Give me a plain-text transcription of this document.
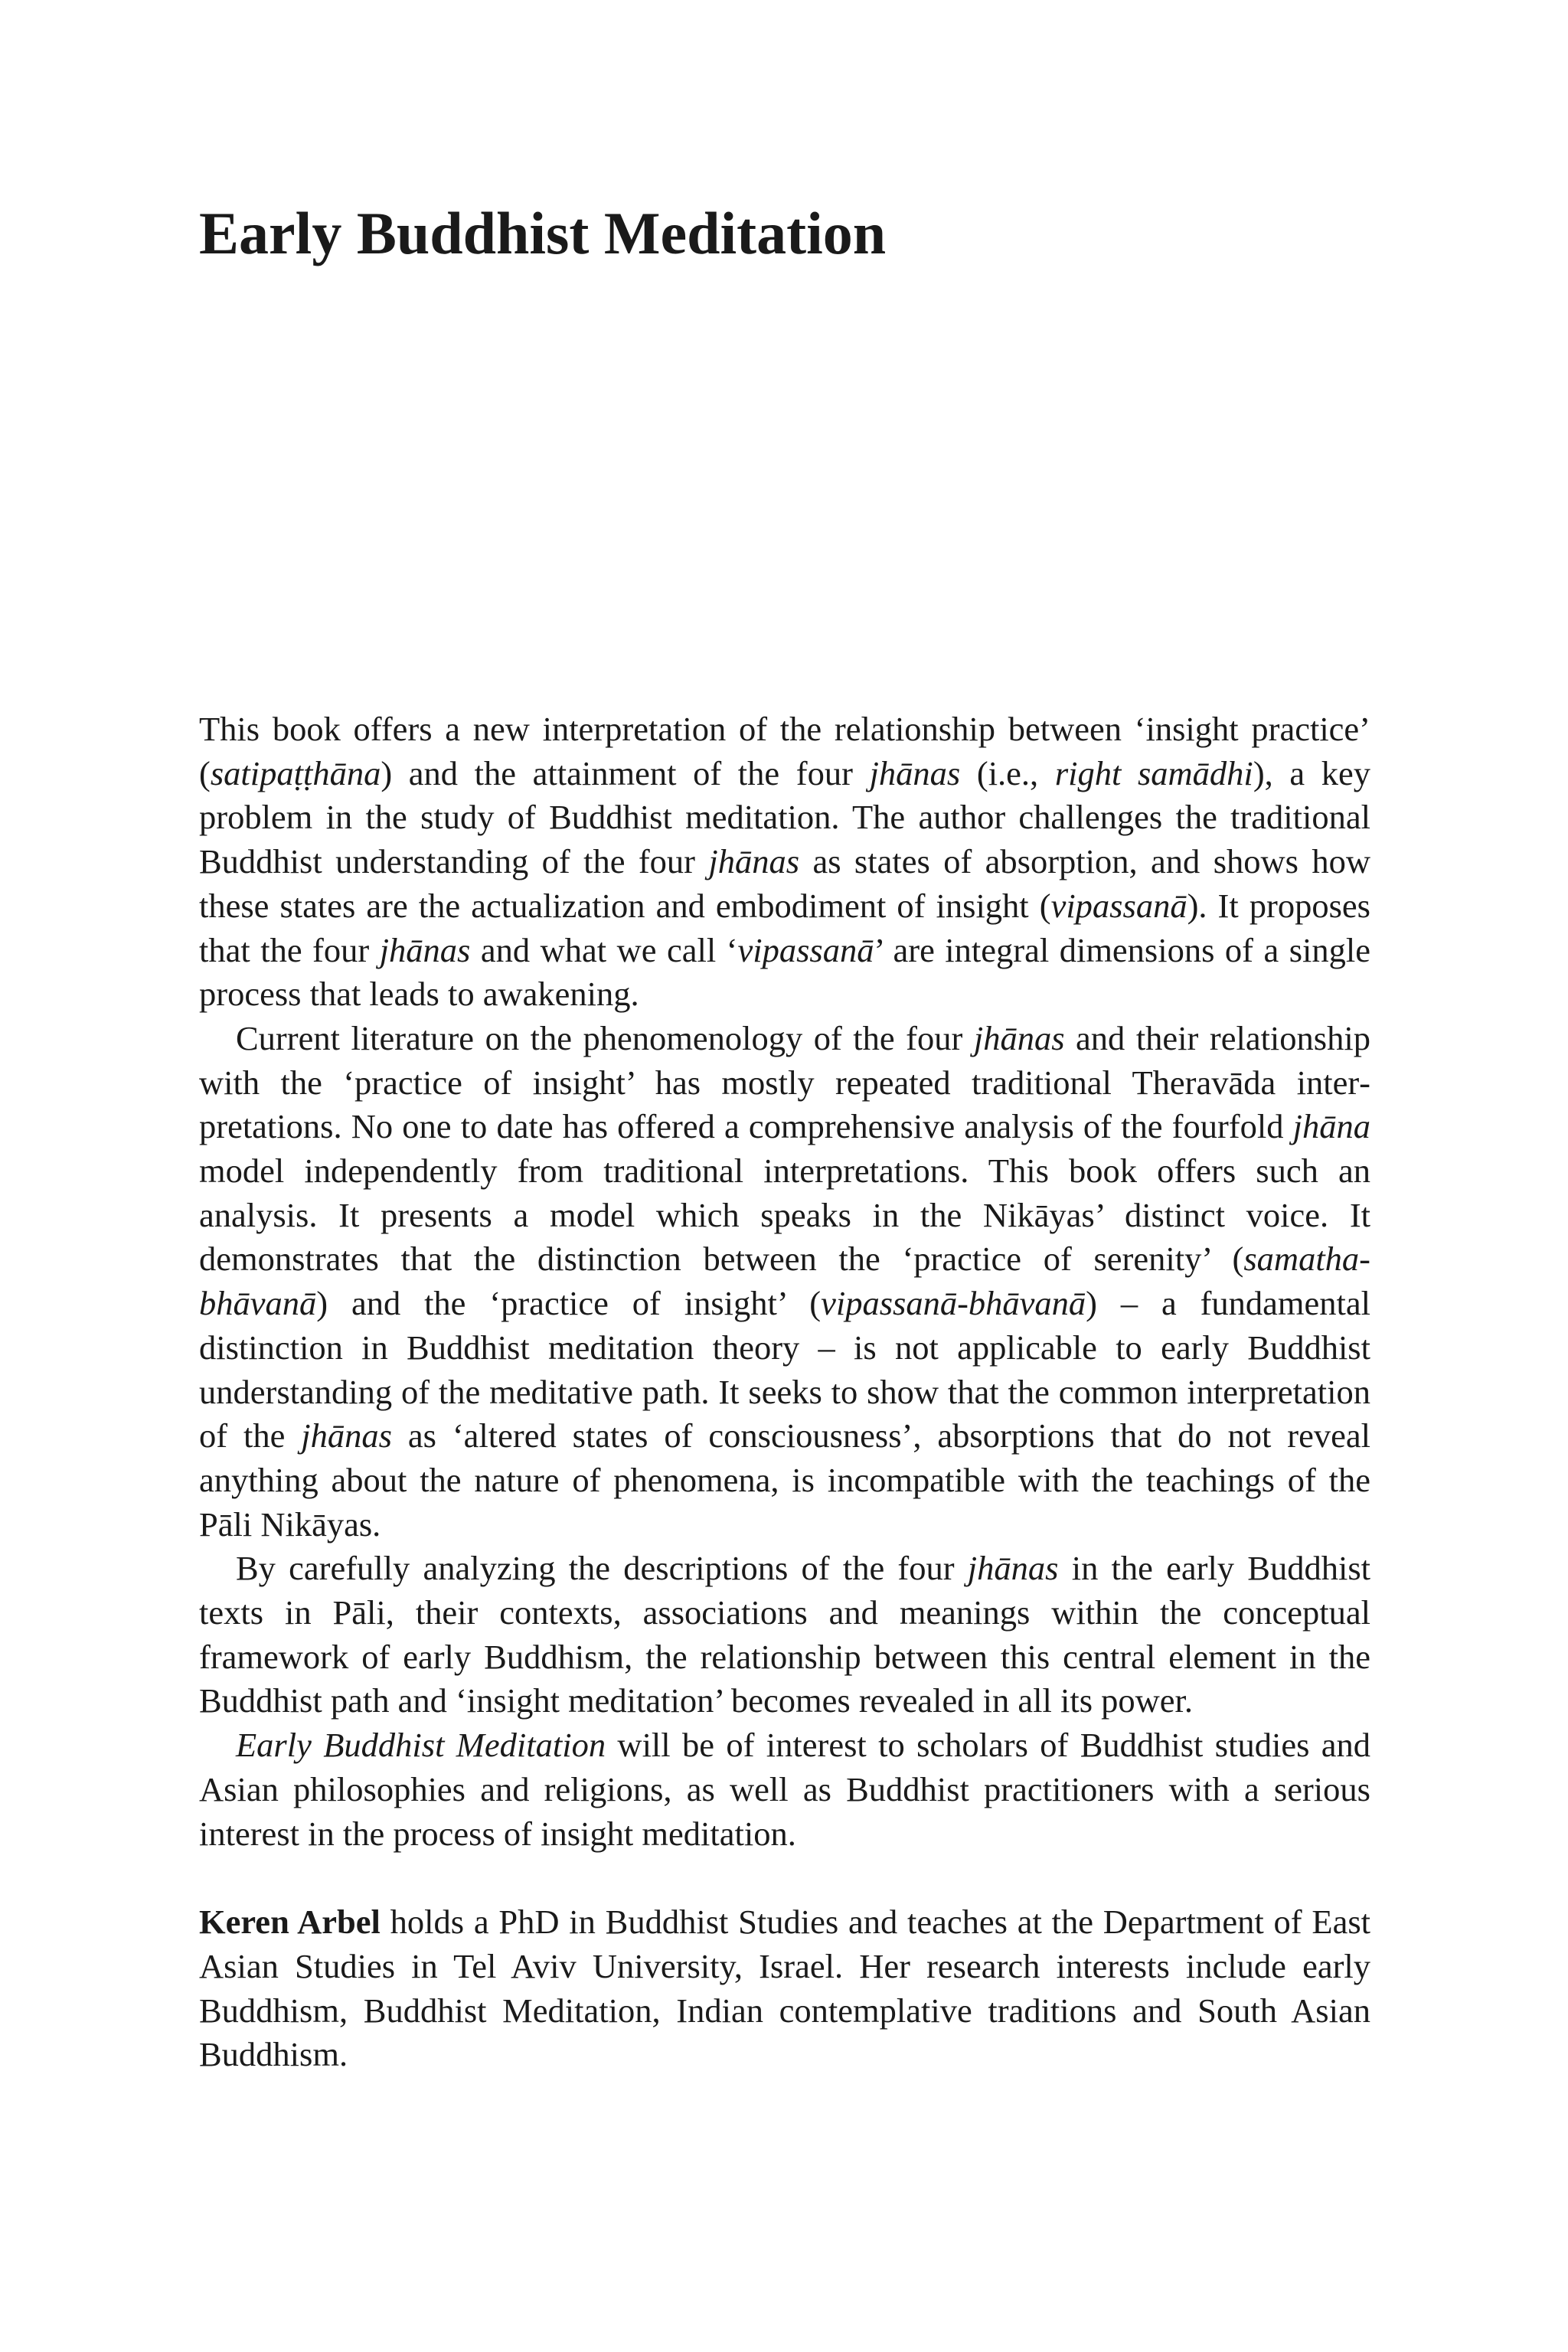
Early Buddhist Meditation

This book offers a new interpretation of the relationship between ‘insight practice’ (satipaṭṭhāna) and the attainment of the four jhānas (i.e., right samādhi), a key problem in the study of Buddhist meditation. The author challenges the traditional Buddhist understanding of the four jhānas as states of absorption, and shows how these states are the actualization and embodiment of insight (vipassanā). It proposes that the four jhānas and what we call ‘vipassanā’ are integral dimensions of a single process that leads to awakening.

Current literature on the phenomenology of the four jhānas and their relationship with the ‘practice of insight’ has mostly repeated traditional Theravāda interpretations. No one to date has offered a comprehensive analysis of the fourfold jhāna model independently from traditional interpretations. This book offers such an analysis. It presents a model which speaks in the Nikāyas’ distinct voice. It demonstrates that the distinction between the ‘practice of serenity’ (samatha-bhāvanā) and the ‘practice of insight’ (vipassanā-bhāvanā) – a fundamental distinction in Buddhist meditation theory – is not applicable to early Buddhist understanding of the meditative path. It seeks to show that the common interpretation of the jhānas as ‘altered states of consciousness’, absorptions that do not reveal anything about the nature of phenomena, is incompatible with the teachings of the Pāli Nikāyas.

By carefully analyzing the descriptions of the four jhānas in the early Buddhist texts in Pāli, their contexts, associations and meanings within the conceptual framework of early Buddhism, the relationship between this central element in the Buddhist path and ‘insight meditation’ becomes revealed in all its power.

Early Buddhist Meditation will be of interest to scholars of Buddhist studies and Asian philosophies and religions, as well as Buddhist practitioners with a serious interest in the process of insight meditation.

Keren Arbel holds a PhD in Buddhist Studies and teaches at the Department of East Asian Studies in Tel Aviv University, Israel. Her research interests include early Buddhism, Buddhist Meditation, Indian contemplative traditions and South Asian Buddhism.
